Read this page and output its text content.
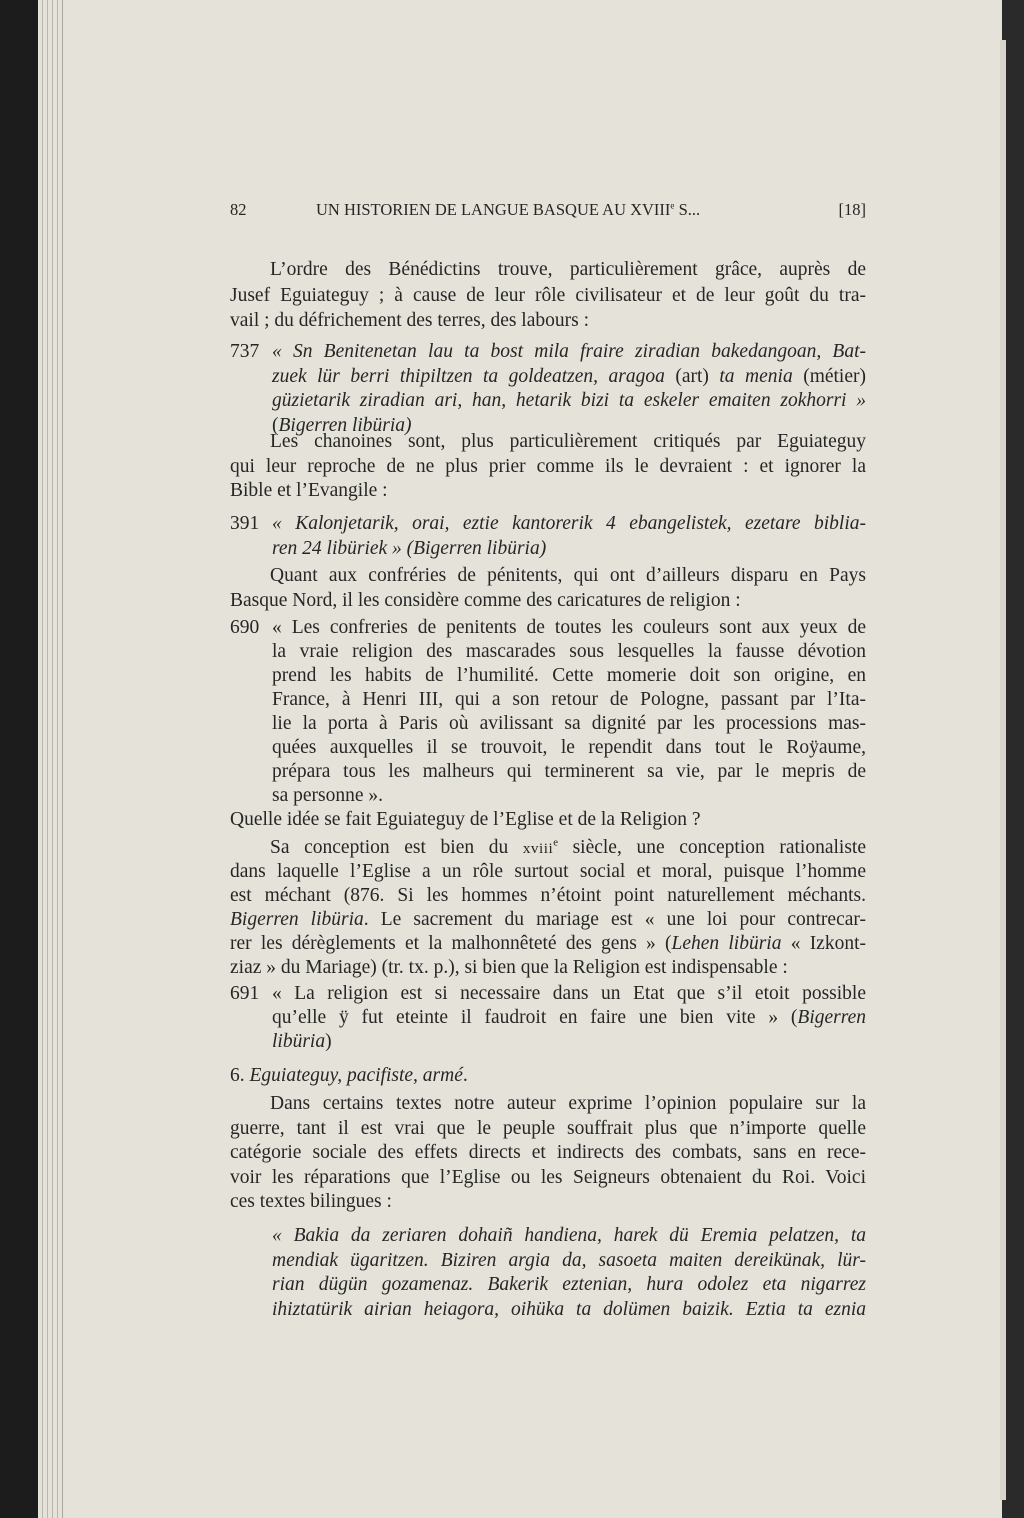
82	UN HISTORIEN DE LANGUE BASQUE AU XVIIIe S...	[18]
L’ordre des Bénédictins trouve, particulièrement grâce, auprès de
Jusef Eguiateguy ; à cause de leur rôle civilisateur et de leur goût du tra-
vail ; du défrichement des terres, des labours :
737 « Sn Benitenetan lau ta bost mila fraire ziradian bakedangoan, Bat-
zuek lür berri thipiltzen ta goldeatzen, aragoa (art) ta menia (métier)
güzietarik ziradian ari, han, hetarik bizi ta eskeler emaiten zokhorri »
(Bigerren libüria)
Les chanoines sont, plus particulièrement critiqués par Eguiateguy
qui leur reproche de ne plus prier comme ils le devraient : et ignorer la
Bible et l’Evangile :
391 « Kalonjetarik, orai, eztie kantorerik 4 ebangelistek, ezetare biblia-
ren 24 libüriek » (Bigerren libüria)
Quant aux confréries de pénitents, qui ont d’ailleurs disparu en Pays
Basque Nord, il les considère comme des caricatures de religion :
690 « Les confreries de penitents de toutes les couleurs sont aux yeux de
la vraie religion des mascarades sous lesquelles la fausse dévotion
prend les habits de l’humilité. Cette momerie doit son origine, en
France, à Henri III, qui a son retour de Pologne, passant par l’Ita-
lie la porta à Paris où avilissant sa dignité par les processions mas-
quées auxquelles il se trouvoit, le rependit dans tout le Roÿaume,
prépara tous les malheurs qui terminerent sa vie, par le mepris de
sa personne ».
Quelle idée se fait Eguiateguy de l’Eglise et de la Religion ?
Sa conception est bien du xviii$^e$ siècle, une conception rationaliste
dans laquelle l’Eglise a un rôle surtout social et moral, puisque l’homme
est méchant (876. Si les hommes n’étoint point naturellement méchants.
Bigerren libüria. Le sacrement du mariage est « une loi pour contrecar-
rer les dérèglements et la malhonnêteté des gens » (Lehen libüria « Izkont-
ziaz » du Mariage) (tr. tx. p.), si bien que la Religion est indispensable :
691 « La religion est si necessaire dans un Etat que s’il etoit possible
qu’elle ÿ fut eteinte il faudroit en faire une bien vite » (Bigerren
libüria)
6. Eguiateguy, pacifiste, armé.
Dans certains textes notre auteur exprime l’opinion populaire sur la
guerre, tant il est vrai que le peuple souffrait plus que n’importe quelle
catégorie sociale des effets directs et indirects des combats, sans en rece-
voir les réparations que l’Eglise ou les Seigneurs obtenaient du Roi. Voici
ces textes bilingues :
« Bakia da zeriaren dohaiñ handiena, harek dü Eremia pelatzen, ta
mendiak ügaritzen. Biziren argia da, sasoeta maiten dereikünak, lür-
rian dügün gozamenaz. Bakerik eztenian, hura odolez eta nigarrez
ihiztatürik airian heiagora, oihüka ta dolümen baizik. Eztia ta eznia
